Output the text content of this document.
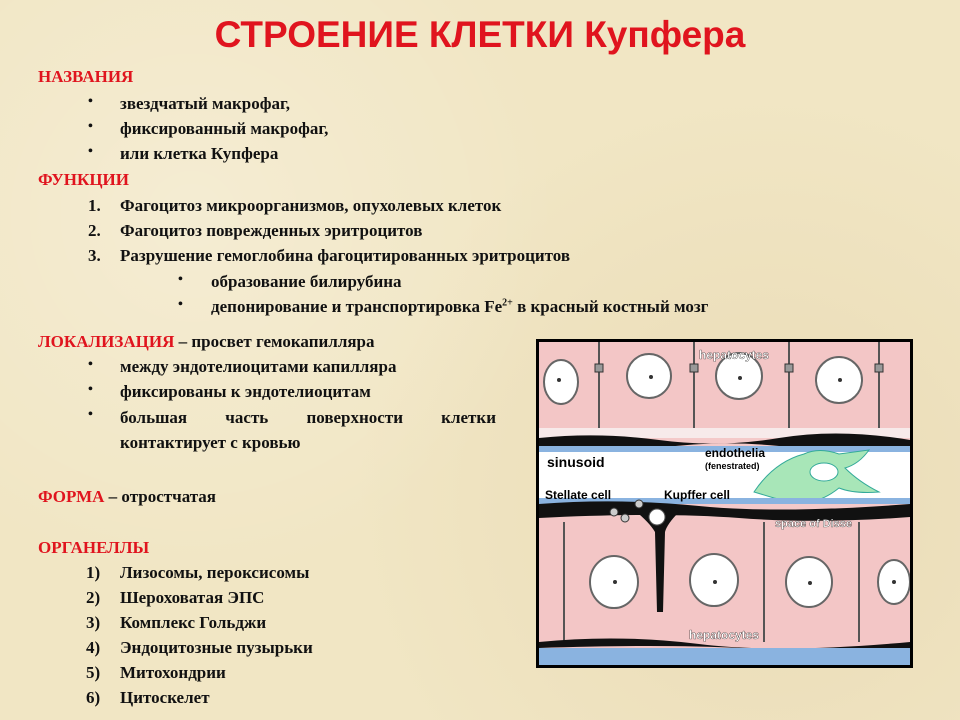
СТРОЕНИЕ КЛЕТКИ Купфера
НАЗВАНИЯ
• звездчатый макрофаг,
• фиксированный макрофаг,
• или клетка Купфера
ФУНКЦИИ
1. Фагоцитоз микроорганизмов, опухолевых клеток
2. Фагоцитоз поврежденных эритроцитов
3. Разрушение гемоглобина фагоцитированных эритроцитов
• образование билирубина
• депонирование и транспортировка $Fe^{2+}$ в красный костный мозг
ЛОКАЛИЗАЦИЯ – просвет гемокапилляра
• между эндотелиоцитами капилляра
• фиксированы к эндотелиоцитам
• большая часть поверхности клетки контактирует с кровью
ФОРМА – отростчатая
ОРГАНЕЛЛЫ
1) Лизосомы, пероксисомы
2) Шероховатая ЭПС
3) Комплекс Гольджи
4) Эндоцитозные пузырьки
5) Митохондрии
6) Цитоскелет
hepatocytes
sinusoid
endothelia
(fenestrated)
Stellate cell	Kupffer cell
space of Disse
hepatocytes
